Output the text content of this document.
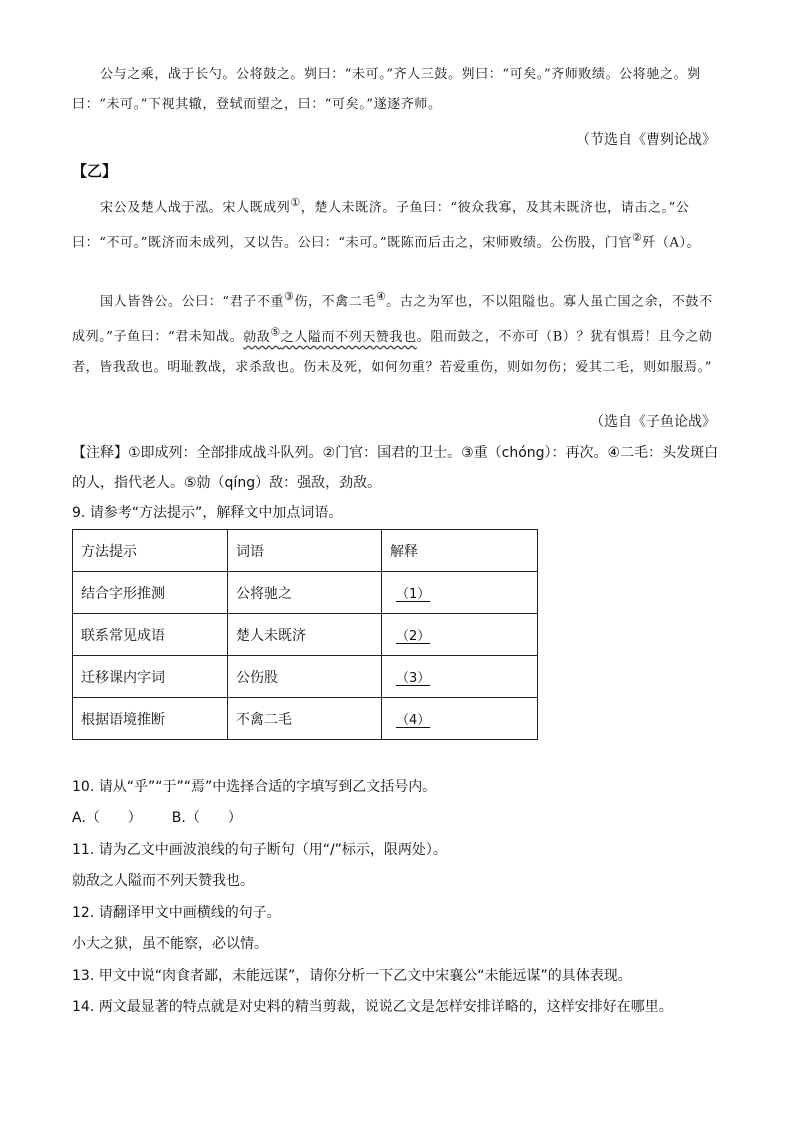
公与之乘，战于长勺。公将鼓之。刿曰：“未可。”齐人三鼓。刿曰：“可矣。”齐师败绩。公将驰之。刿曰：“未可。”下视其辙，登轼而望之，曰：“可矣。”遂逐齐师。
（节选自《曹刿论战》
【乙】
宋公及楚人战于泓。宋人既成列①，楚人未既济。子鱼曰：“彼众我寡，及其未既济也，请击之。”公曰：“不可。”既济而未成列，又以告。公曰：“未可。”既陈而后击之，宋师败绩。公伤股，门官②歼（A）。
国人皆咎公。公曰：“君子不重③伤，不禽二毛④。古之为军也，不以阻隘也。寡人虽亡国之余，不鼓不成列。”子鱼曰：“君未知战。勍敌⑤之人隘而不列天赞我也。阻而鼓之，不亦可（B）？犹有惧焉！且今之勍者，皆我敌也。明耻教战，求杀敌也。伤未及死，如何勿重？若爱重伤，则如勿伤；爱其二毛，则如服焉。”
（选自《子鱼论战》
【注释】①即成列：全部排成战斗队列。②门官：国君的卫士。③重（chóng）：再次。④二毛：头发斑白的人，指代老人。⑤勍（qíng）敌：强敌，劲敌。
9. 请参考“方法提示”，解释文中加点词语。
方法提示	词语	解释
结合字形推测	公将驰之	（1）
联系常见成语	楚人未既济	（2）
迁移课内字词	公伤股	（3）
根据语境推断	不禽二毛	（4）
10. 请从“乎”“于”“焉”中选择合适的字填写到乙文括号内。
A.（　　） B.（　　）
11. 请为乙文中画波浪线的句子断句（用“/”标示，限两处）。
勍敌之人隘而不列天赞我也。
12. 请翻译甲文中画横线的句子。
小大之狱，虽不能察，必以情。
13. 甲文中说“肉食者鄙，未能远谋”，请你分析一下乙文中宋襄公“未能远谋”的具体表现。
14. 两文最显著的特点就是对史料的精当剪裁，说说乙文是怎样安排详略的，这样安排好在哪里。
